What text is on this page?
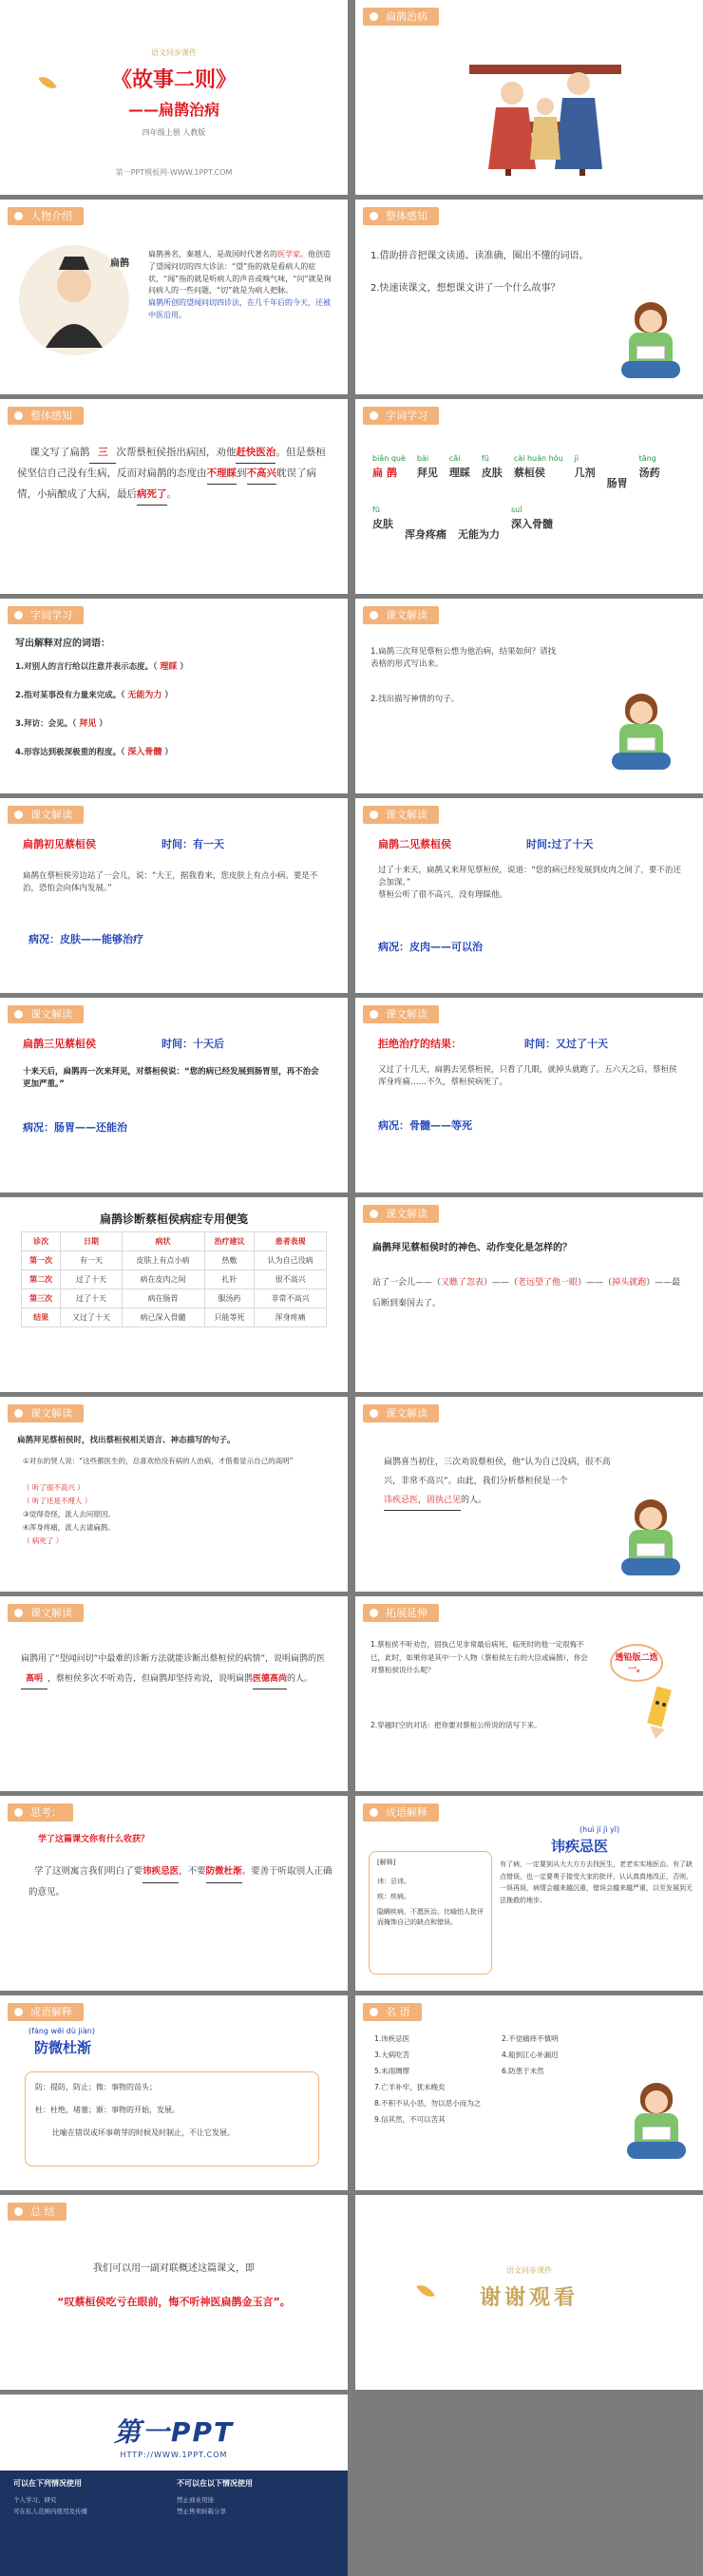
语文同步课件
《故事二则》
——扁鹊治病
四年级上册 人教版
第一PPT模板网-WWW.1PPT.COM
扁鹊治病
人物介绍
扁鹊
扁鹊善名，秦越人，是战国时代著名的医学家。他创造了望闻问切的四大诊法：“望”指的就是看病人的症状，“闻”指的就是听病人的声音或嗅气味，“问”就是询问病人的一些问题，“切”就是为病人把脉。
扁鹊所创的望闻问切四诊法，在几千年后的今天，还被中医沿用。
整体感知
1.借助拼音把课文读通、读准确，圈出不懂的词语。
2.快速读课文，想想课文讲了一个什么故事？
整体感知
课文写了扁鹊 三 次帮蔡桓侯指出病因，劝他赶快医治。但是蔡桓侯坚信自己没有生病，反而对扁鹊的态度由不理睬到不高兴耽误了病情，小病酿成了大病，最后病死了。
字词学习
biǎn què
扁 鹊
bài
拜见
cǎi
理睬
fū
皮肤
cài huán hóu
蔡桓侯
jì
几剂
肠胃
tāng
汤药
fū
皮肤
浑身疼痛 无能为力
suǐ
深入骨髓
字词学习
写出解释对应的词语：
1.对别人的言行给以注意并表示态度。（ 理睬 ）
2.指对某事没有力量来完成。（ 无能为力 ）
3.拜访：会见。（ 拜见 ）
4.形容达到极深极重的程度。（ 深入骨髓 ）
课文解读
1.扁鹊三次拜见蔡桓公想为他治病，结果如何？请找表格的形式写出来。
2.找出描写神情的句子。
课文解读
扁鹊初见蔡桓侯	时间：有一天
扁鹊在蔡桓侯旁边站了一会儿，说：“大王，据我看来，您皮肤上有点小病。要是不治，恐怕会向体内发展。”
病况：皮肤——能够治疗
课文解读
扁鹊二见蔡桓侯	时间:过了十天
过了十来天，扁鹊又来拜见蔡桓侯，说道：“您的病已经发展到皮肉之间了，要不治还会加深。”
蔡桓公听了很不高兴，没有理睬他。
病况：皮肉——可以治
课文解读
扁鹊三见蔡桓侯	时间：十天后
十来天后，扁鹊再一次来拜见，对蔡桓侯说：“您的病已经发展到肠胃里，再不治会更加严重。”
病况：肠胃——还能治
课文解读
拒绝治疗的结果：	时间：又过了十天
又过了十几天，扁鹊去见蔡桓侯，只看了几眼，就掉头就跑了。五六天之后，蔡桓侯浑身疼痛……不久，蔡桓侯病死了。
病况：骨髓——等死
扁鹊诊断蔡桓侯病症专用便笺
诊次	日期	病状	治疗建议	患者表现
第一次	有一天	皮肤上有点小病	热敷	认为自己没病
第二次	过了十天	病在皮肉之间	扎针	很不高兴
第三次	过了十天	病在肠胃	服汤药	非常不高兴
结果	又过了十天	病已深入骨髓	只能等死	浑身疼痛
课文解读
扁鹊拜见蔡桓侯时的神色、动作变化是怎样的？
站了一会儿——（又瞧了忽表）——（老远望了他一眼）——（掉头就跑）——最后断到秦国去了。
课文解读
扁鹊拜见蔡桓侯时，找出蔡桓侯相关语言、神态描写的句子。
①对东的贤人说：“这些都医生的，总喜欢给没有病的人治病，才借着显示自己的高明”
（ 听了很不高兴 ）
（ 听了还是不理人 ）
③觉得奇怪，派人去问原因。
④浑身疼痛，派人去请扁鹊。
（ 病死了 ）
课文解读
扁鹊喜当初住，三次劝说蔡桓侯，他“认为自己没病，很不高兴，非常不高兴”。由此，我们分析蔡桓侯是一个讳疾忌医，固执己见的人。
课文解读
扁鹊用了“望闻问切”中最难的诊断方法就能诊断出蔡桓侯的病情”，说明扁鹊的医高明 ，蔡桓侯多次不听劝告，但扁鹊却坚持劝说，说明扁鹊医德高尚的人。
拓展延伸
1.蔡桓侯不听劝告，固执己见非常最后病死，临死时的他一定很悔不已，此时，如果你是其中一个人物（蔡桓侯左右的大臣或扁鹊），你会对蔡桓侯说什么呢？
2.穿越时空的对话：把你要对蔡桓公所说的话写下来。
透铅版二选一。
思考：
学了这篇课文你有什么收获？
学了这则寓言我们明白了要讳疾忌医，不要防微杜渐。要善于听取别人正确的意见。
成语解释
(huì jí jì yī)
讳疾忌医
[解释]
讳：忌讳。
疾：疾病。
隐瞒疾病，不愿医治。比喻怕人批评而掩饰自己的缺点和错误。
有了病，一定要到从大大方方去找医生，老老实实地医治。有了缺点错误，也一定要勇于接受大家的批评，认认真真地改正，否则，一误再误，病情会越来越沉重，错误会越来越严重，以至发展到无法挽救的地步。
成语解释
(fáng wēi dù jiàn)
防微杜渐
防：提防，防止；微：事物的苗头；
杜：杜绝，堵塞；渐：事物的开始，发展。
比喻在错误或坏事萌芽的时候及时制止，不让它发展。
名 语
1.讳疾忌医	2.不觉痛痒不慎明
3.大病吃苦	4.船到江心补漏迟
5.未雨绸缪	6.防患于未然
7.亡羊补牢，犹未晚矣
8.不积不从小恶，勿以恶小而为之
9.信其然，不可以苦其
总 结
我们可以用一副对联概述这篇课文，即
“叹蔡桓侯吃亏在眼前，悔不听神医扁鹊金玉言”。
语文同步课件
谢谢观看
第一PPT
HTTP://WWW.1PPT.COM
可以在下列情况使用	不可以在以下情况使用
个人学习、研究
可在私人范围内使用及传播
禁止商业用途
禁止售卖转载分享
